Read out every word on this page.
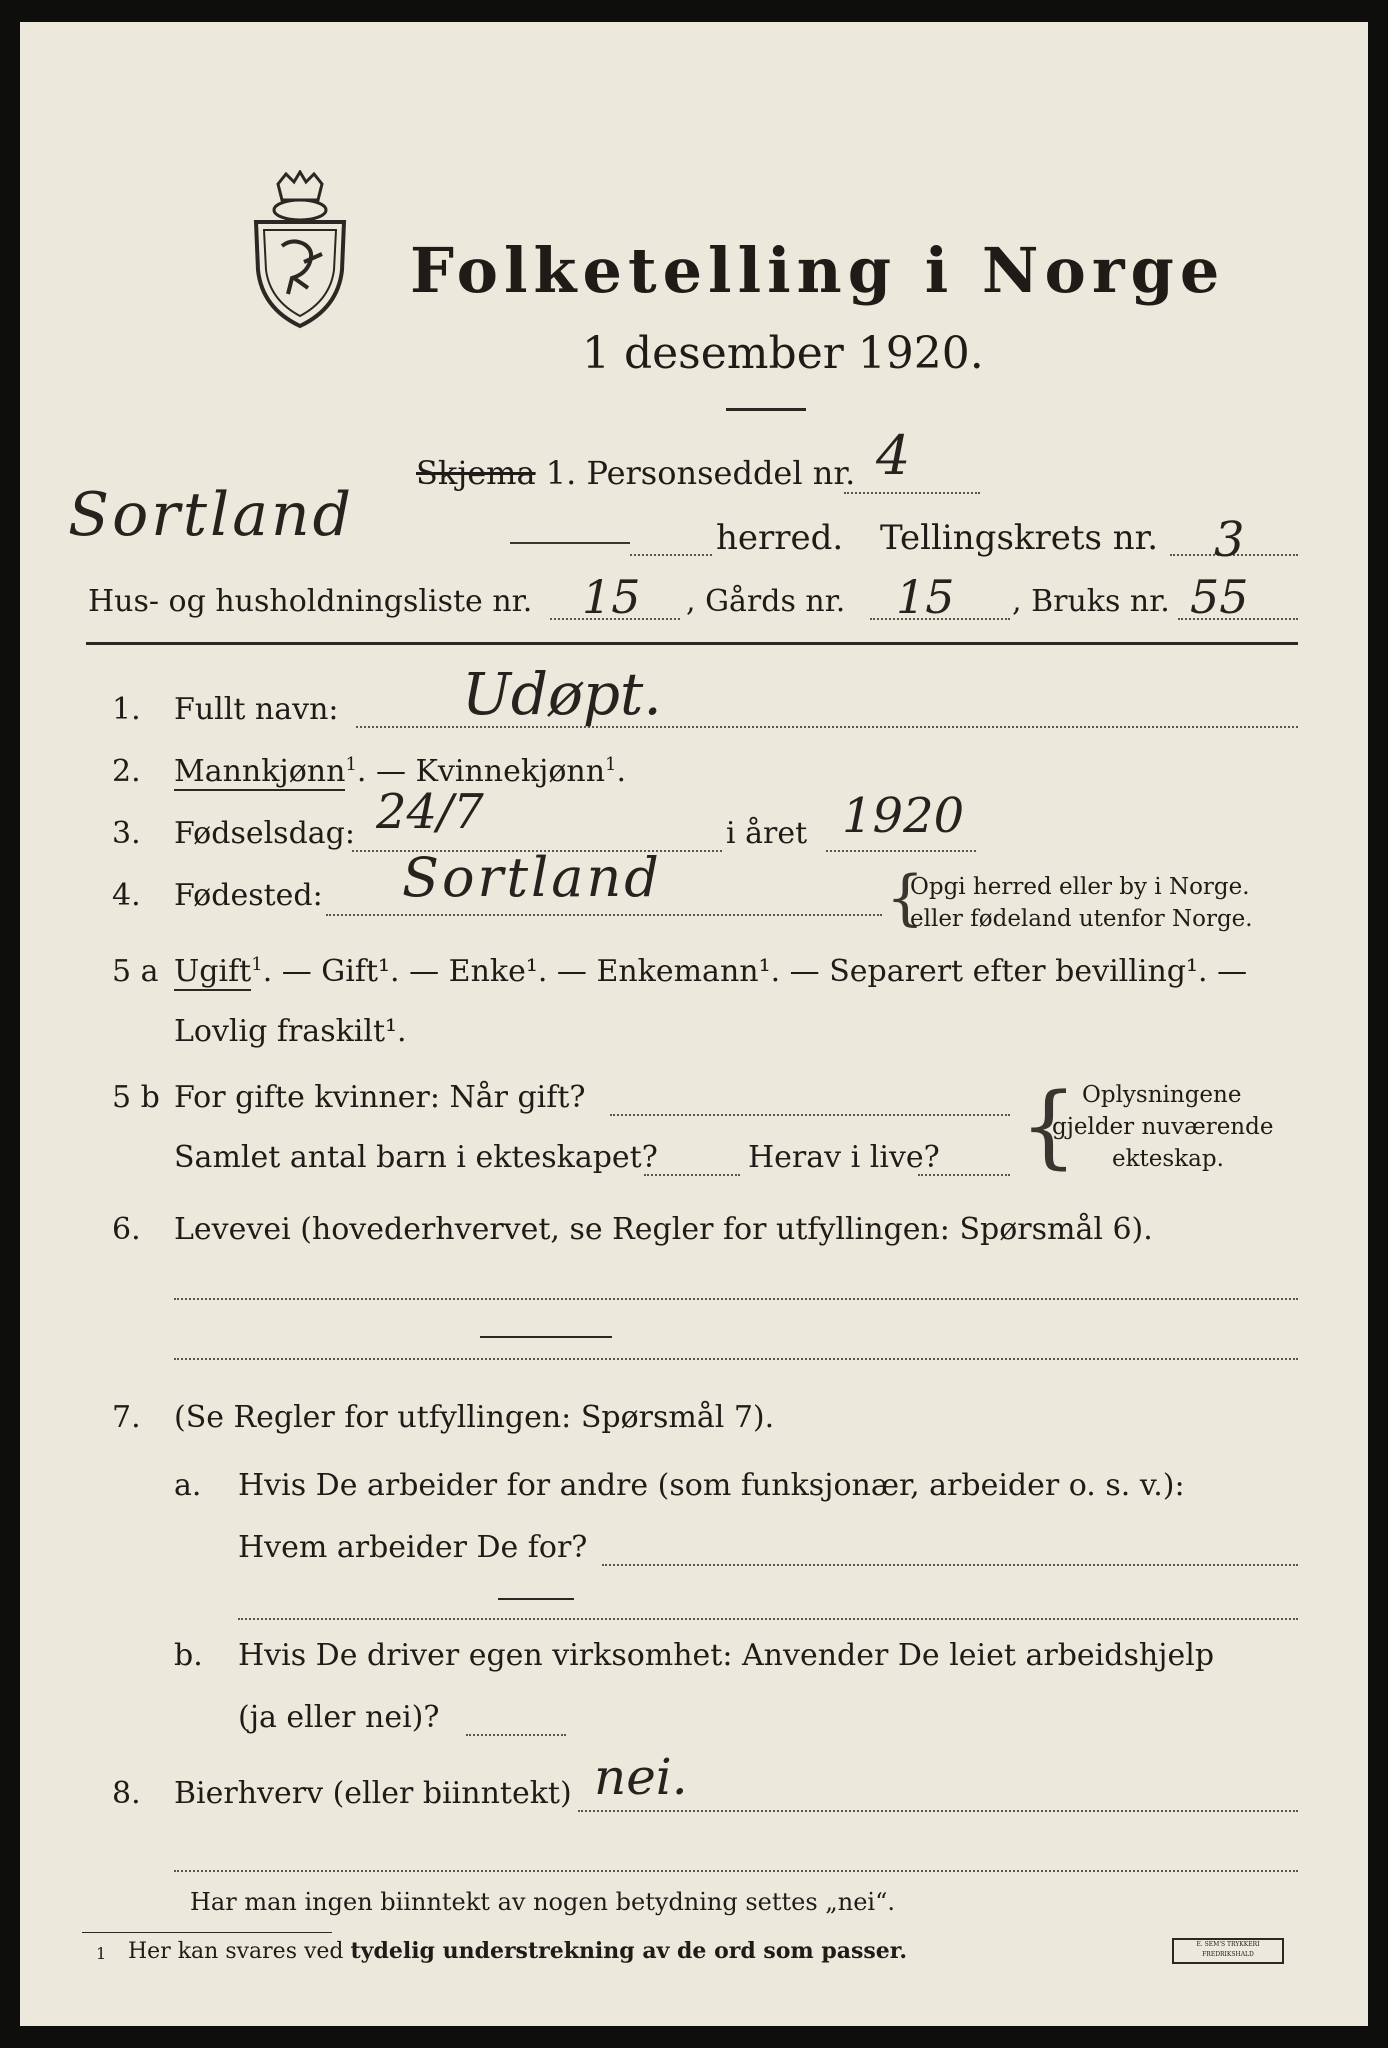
Folketelling i Norge
1 desember 1920.
Skjema 1. Personseddel nr. 4
Sortland	herred. Tellingskrets nr. 3
Hus- og husholdningsliste nr. 15 , Gårds nr. 15 , Bruks nr. 55
1. Fullt navn: Udøpt.
2. Mannkjønn$^1$. — Kvinnekjønn$^1$.
3. Fødselsdag: 24/7	i året 1920
4. Fødested: Sortland	{
Opgi herred eller by i Norge.
eller fødeland utenfor Norge.
5 a Ugift$^1$. — Gift¹. — Enke¹. — Enkemann¹. — Separert efter bevilling¹. —
Lovlig fraskilt¹.
5 b For gifte kvinner: Når gift?
Samlet antal barn i ekteskapet?	Herav i live? { Oplysningene
gjelder nuværende
ekteskap.
6. Levevei (hovederhvervet, se Regler for utfyllingen: Spørsmål 6).
7. (Se Regler for utfyllingen: Spørsmål 7).
a. Hvis De arbeider for andre (som funksjonær, arbeider o. s. v.):
Hvem arbeider De for?
b. Hvis De driver egen virksomhet: Anvender De leiet arbeidshjelp
(ja eller nei)?
8. Bierhverv (eller biinntekt) nei.
Har man ingen biinntekt av nogen betydning settes „nei“.
1 Her kan svares ved tydelig understrekning av de ord som passer.	E. SEM'S TRYKKERI FREDRIKSHALD
